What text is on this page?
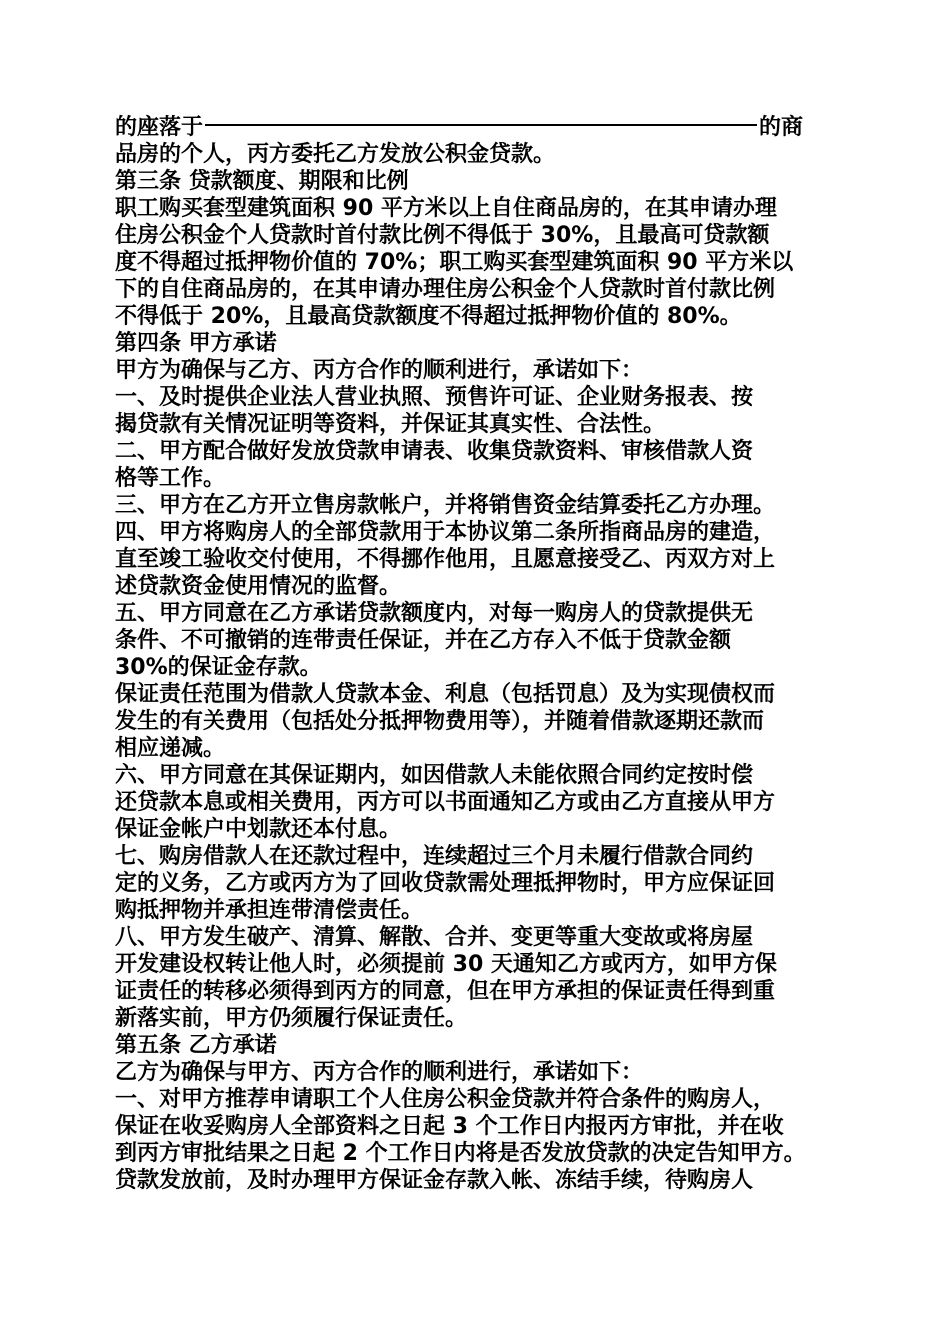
的座落于	的商
品房的个人，丙方委托乙方发放公积金贷款。
第三条 贷款额度、期限和比例
职工购买套型建筑面积 90 平方米以上自住商品房的，在其申请办理
住房公积金个人贷款时首付款比例不得低于 30%，且最高可贷款额
度不得超过抵押物价值的 70%；职工购买套型建筑面积 90 平方米以
下的自住商品房的，在其申请办理住房公积金个人贷款时首付款比例
不得低于 20%，且最高贷款额度不得超过抵押物价值的 80%。
第四条 甲方承诺
甲方为确保与乙方、丙方合作的顺利进行，承诺如下：
一、及时提供企业法人营业执照、预售许可证、企业财务报表、按
揭贷款有关情况证明等资料，并保证其真实性、合法性。
二、甲方配合做好发放贷款申请表、收集贷款资料、审核借款人资
格等工作。
三、甲方在乙方开立售房款帐户，并将销售资金结算委托乙方办理。
四、甲方将购房人的全部贷款用于本协议第二条所指商品房的建造，
直至竣工验收交付使用，不得挪作他用，且愿意接受乙、丙双方对上
述贷款资金使用情况的监督。
五、甲方同意在乙方承诺贷款额度内，对每一购房人的贷款提供无
条件、不可撤销的连带责任保证，并在乙方存入不低于贷款金额
30%的保证金存款。
保证责任范围为借款人贷款本金、利息（包括罚息）及为实现债权而
发生的有关费用（包括处分抵押物费用等），并随着借款逐期还款而
相应递减。
六、甲方同意在其保证期内，如因借款人未能依照合同约定按时偿
还贷款本息或相关费用，丙方可以书面通知乙方或由乙方直接从甲方
保证金帐户中划款还本付息。
七、购房借款人在还款过程中，连续超过三个月未履行借款合同约
定的义务，乙方或丙方为了回收贷款需处理抵押物时，甲方应保证回
购抵押物并承担连带清偿责任。
八、甲方发生破产、清算、解散、合并、变更等重大变故或将房屋
开发建设权转让他人时，必须提前 30 天通知乙方或丙方，如甲方保
证责任的转移必须得到丙方的同意，但在甲方承担的保证责任得到重
新落实前，甲方仍须履行保证责任。
第五条 乙方承诺
乙方为确保与甲方、丙方合作的顺利进行，承诺如下：
一、对甲方推荐申请职工个人住房公积金贷款并符合条件的购房人，
保证在收妥购房人全部资料之日起 3 个工作日内报丙方审批，并在收
到丙方审批结果之日起 2 个工作日内将是否发放贷款的决定告知甲方。
贷款发放前，及时办理甲方保证金存款入帐、冻结手续，待购房人
